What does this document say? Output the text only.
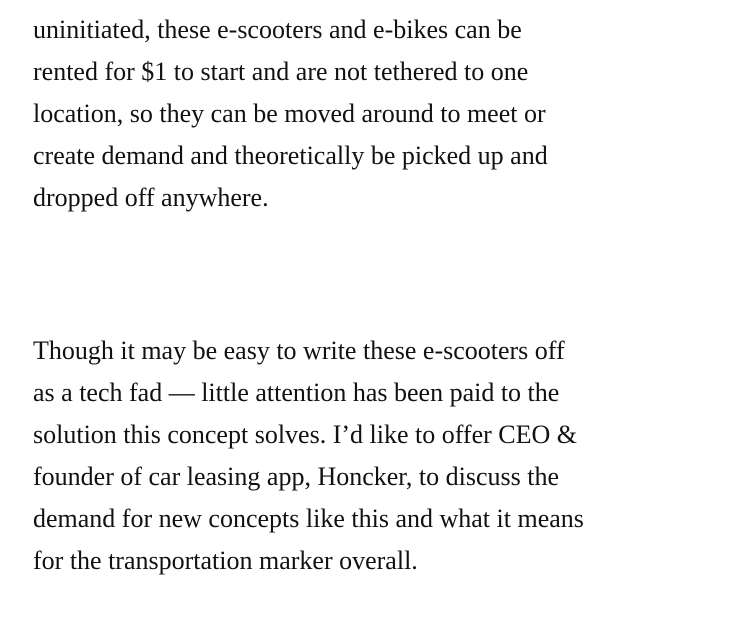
uninitiated, these e-scooters and e-bikes can be
rented for $1 to start and are not tethered to one
location, so they can be moved around to meet or
create demand and theoretically be picked up and
dropped off anywhere.

Though it may be easy to write these e-scooters off
as a tech fad — little attention has been paid to the
solution this concept solves. I’d like to offer CEO &
founder of car leasing app, Honcker, to discuss the
demand for new concepts like this and what it means
for the transportation marker overall.
